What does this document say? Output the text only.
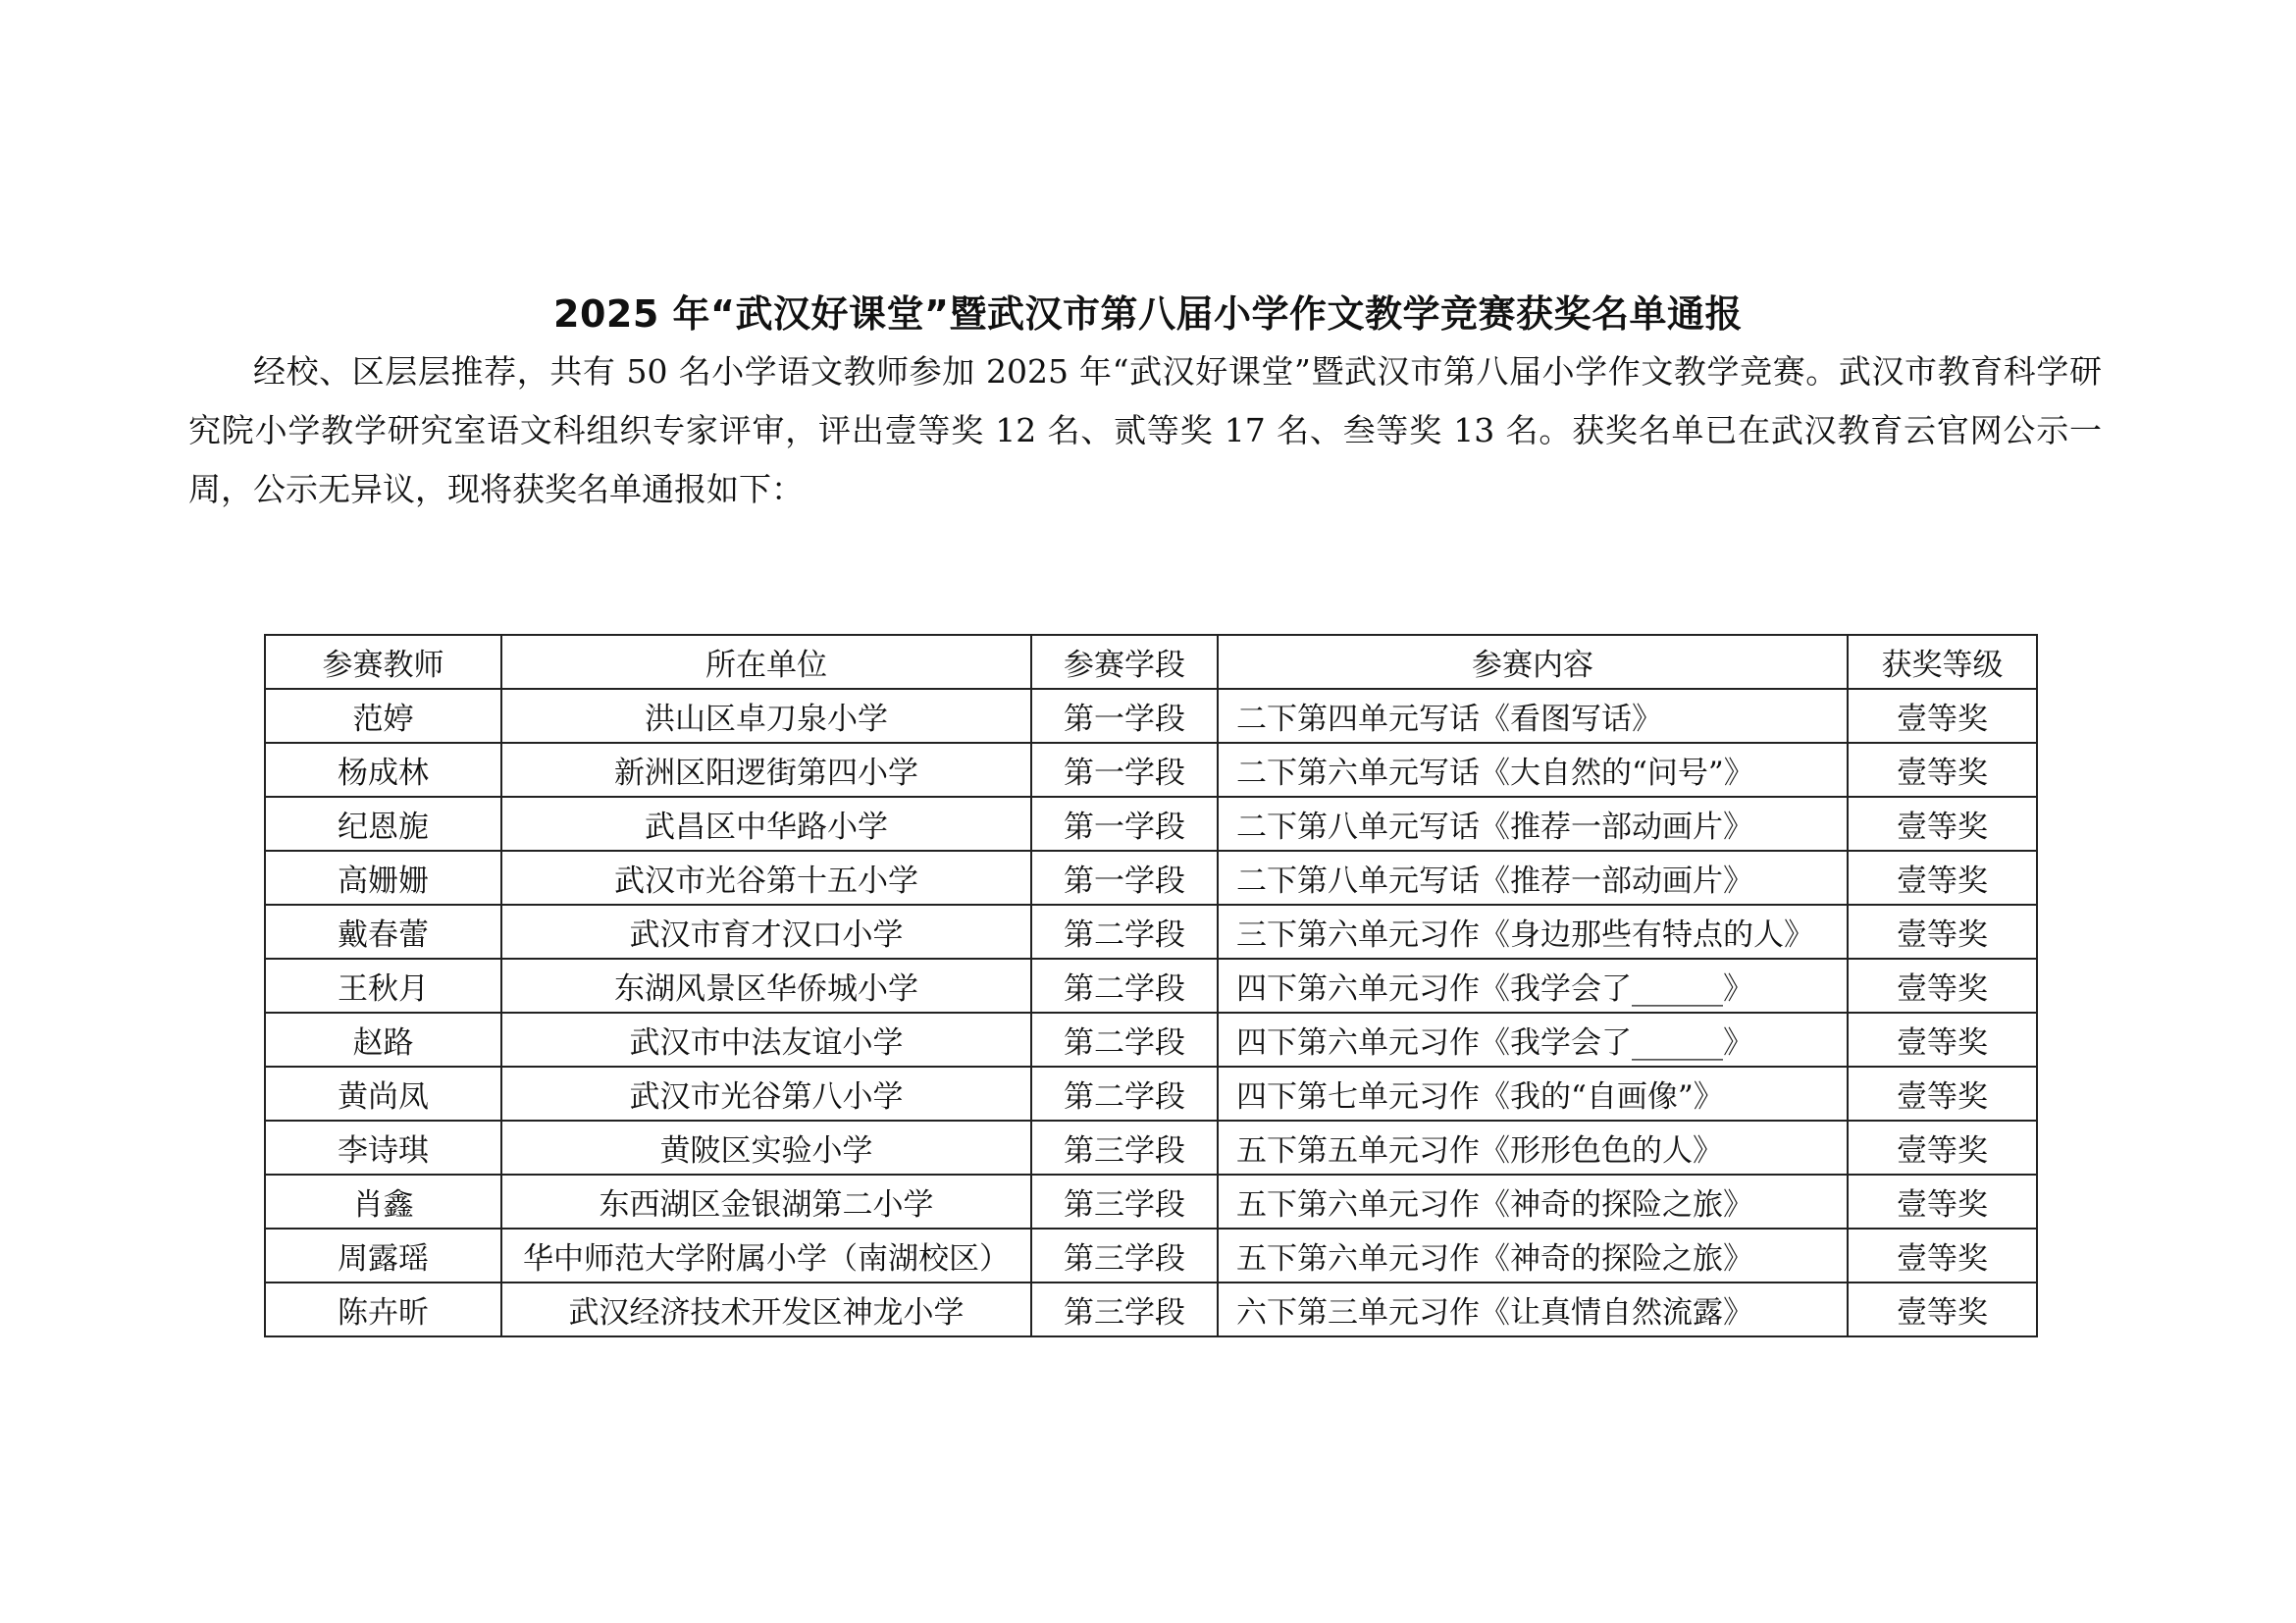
2025 年“武汉好课堂”暨武汉市第八届小学作文教学竞赛获奖名单通报

经校、区层层推荐，共有 50 名小学语文教师参加 2025 年“武汉好课堂”暨武汉市第八届小学作文教学竞赛。武汉市教育科学研究院小学教学研究室语文科组织专家评审，评出壹等奖 12 名、贰等奖 17 名、叁等奖 13 名。获奖名单已在武汉教育云官网公示一周，公示无异议，现将获奖名单通报如下：

参赛教师	所在单位	参赛学段	参赛内容	获奖等级
范婷	洪山区卓刀泉小学	第一学段	二下第四单元写话《看图写话》	壹等奖
杨成林	新洲区阳逻街第四小学	第一学段	二下第六单元写话《大自然的“问号”》	壹等奖
纪恩旎	武昌区中华路小学	第一学段	二下第八单元写话《推荐一部动画片》	壹等奖
高姗姗	武汉市光谷第十五小学	第一学段	二下第八单元写话《推荐一部动画片》	壹等奖
戴春蕾	武汉市育才汉口小学	第二学段	三下第六单元习作《身边那些有特点的人》	壹等奖
王秋月	东湖风景区华侨城小学	第二学段	四下第六单元习作《我学会了______》	壹等奖
赵路	武汉市中法友谊小学	第二学段	四下第六单元习作《我学会了______》	壹等奖
黄尚凤	武汉市光谷第八小学	第二学段	四下第七单元习作《我的“自画像”》	壹等奖
李诗琪	黄陂区实验小学	第三学段	五下第五单元习作《形形色色的人》	壹等奖
肖鑫	东西湖区金银湖第二小学	第三学段	五下第六单元习作《神奇的探险之旅》	壹等奖
周露瑶	华中师范大学附属小学（南湖校区）	第三学段	五下第六单元习作《神奇的探险之旅》	壹等奖
陈卉昕	武汉经济技术开发区神龙小学	第三学段	六下第三单元习作《让真情自然流露》	壹等奖
